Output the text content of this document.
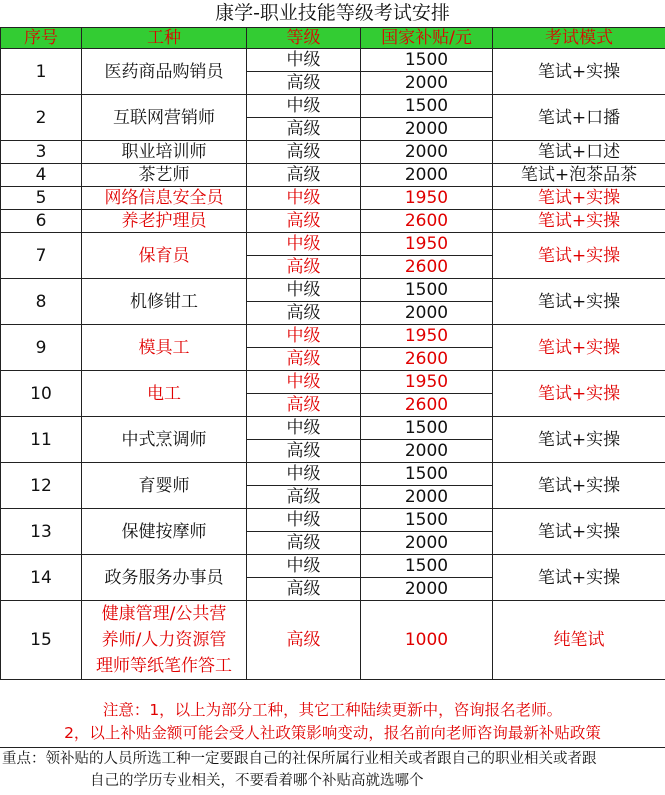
康学-职业技能等级考试安排
序号	工种	等级	国家补贴/元	考试模式
1	医药商品购销员	中级	1500	笔试+实操
		高级	2000	
2	互联网营销师	中级	1500	笔试+口播
		高级	2000	
3	职业培训师	高级	2000	笔试+口述
4	茶艺师	高级	2000	笔试+泡茶品茶
5	网络信息安全员	中级	1950	笔试+实操
6	养老护理员	高级	2600	笔试+实操
7	保育员	中级	1950	笔试+实操
		高级	2600	
8	机修钳工	中级	1500	笔试+实操
		高级	2000	
9	模具工	中级	1950	笔试+实操
		高级	2600	
10	电工	中级	1950	笔试+实操
		高级	2600	
11	中式烹调师	中级	1500	笔试+实操
		高级	2000	
12	育婴师	中级	1500	笔试+实操
		高级	2000	
13	保健按摩师	中级	1500	笔试+实操
		高级	2000	
14	政务服务办事员	中级	1500	笔试+实操
		高级	2000	
15	健康管理/公共营
养师/人力资源管
理师等纸笔作答工	高级	1000	纯笔试
注意：1，以上为部分工种，其它工种陆续更新中，咨询报名老师。
2，以上补贴金额可能会受人社政策影响变动，报名前向老师咨询最新补贴政策
重点：领补贴的人员所选工种一定要跟自己的社保所属行业相关或者跟自己的职业相关或者跟
自己的学历专业相关，不要看着哪个补贴高就选哪个
